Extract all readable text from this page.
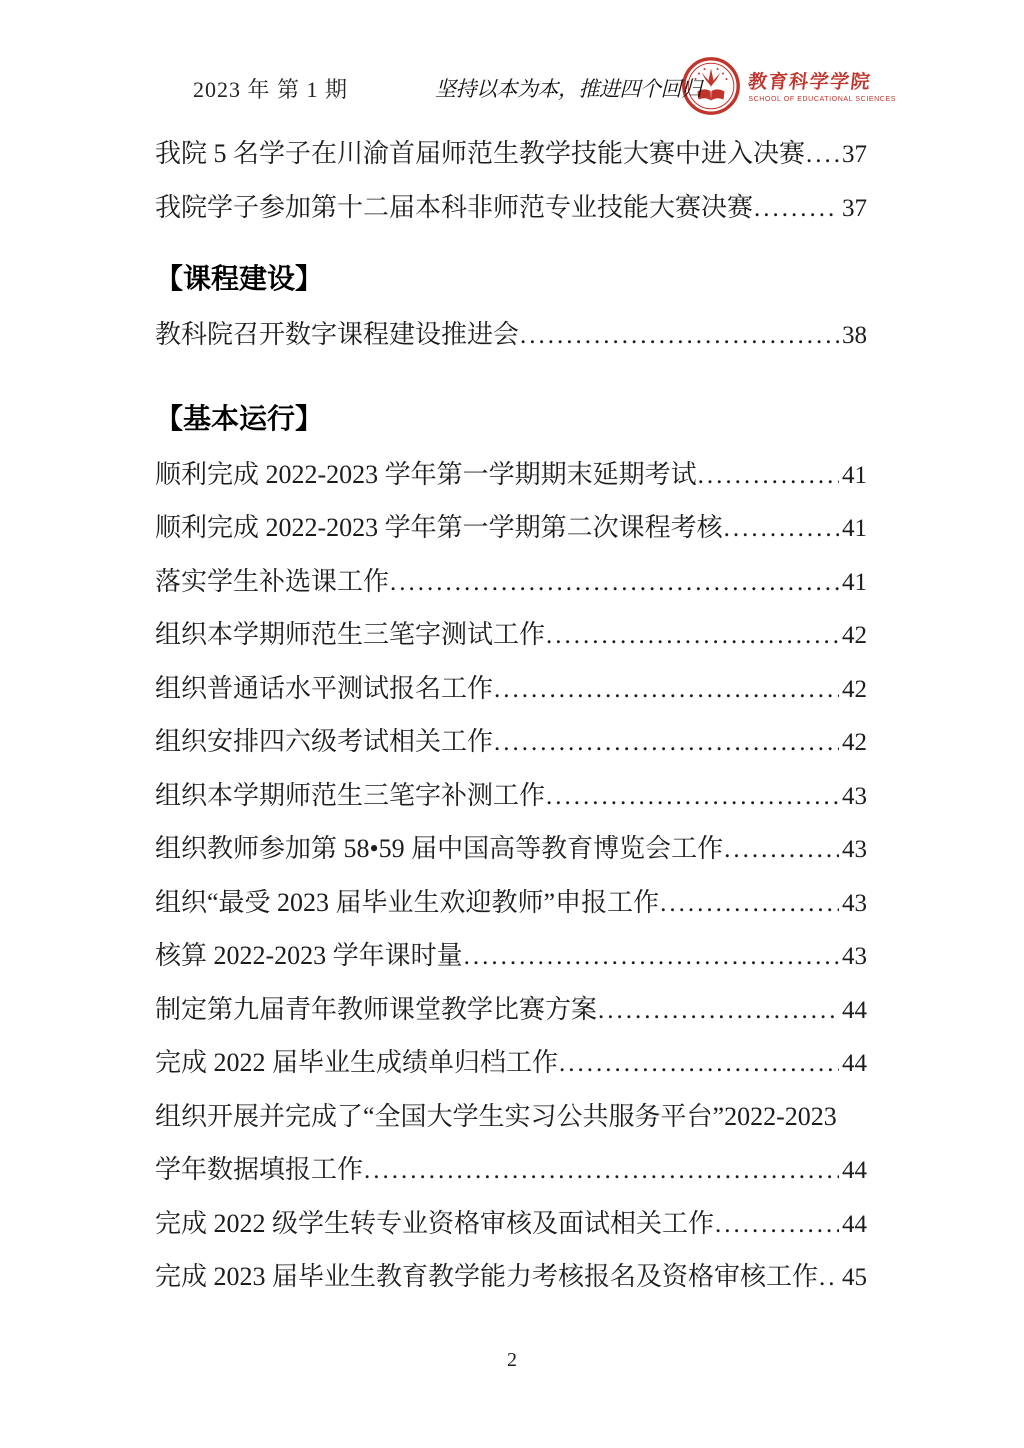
2023 年 第 1 期	坚持以本为本，推进四个回归 教育科学学院
SCHOOL OF EDUCATIONAL SCIENCES
我院 5 名学子在川渝首届师范生教学技能大赛中进入决赛 ..... 37
我院学子参加第十二届本科非师范专业技能大赛决赛 .....	37
【课程建设】
教科院召开数字课程建设推进会 .....	38
【基本运行】
顺利完成 2022-2023 学年第一学期期末延期考试 .....	41
顺利完成 2022-2023 学年第一学期第二次课程考核 .....	41
落实学生补选课工作 .....	41
组织本学期师范生三笔字测试工作 .....	42
组织普通话水平测试报名工作 .....	42
组织安排四六级考试相关工作 .....	42
组织本学期师范生三笔字补测工作 .....	43
组织教师参加第 58•59 届中国高等教育博览会工作 .....	43
组织“最受 2023 届毕业生欢迎教师”申报工作 .....	43
核算 2022-2023 学年课时量 .....	43
制定第九届青年教师课堂教学比赛方案 .....	44
完成 2022 届毕业生成绩单归档工作 .....	44
组织开展并完成了“全国大学生实习公共服务平台”2022-2023
学年数据填报工作 .....	44
完成 2022 级学生转专业资格审核及面试相关工作 .....	44
完成 2023 届毕业生教育教学能力考核报名及资格审核工作 ..... 45
2
